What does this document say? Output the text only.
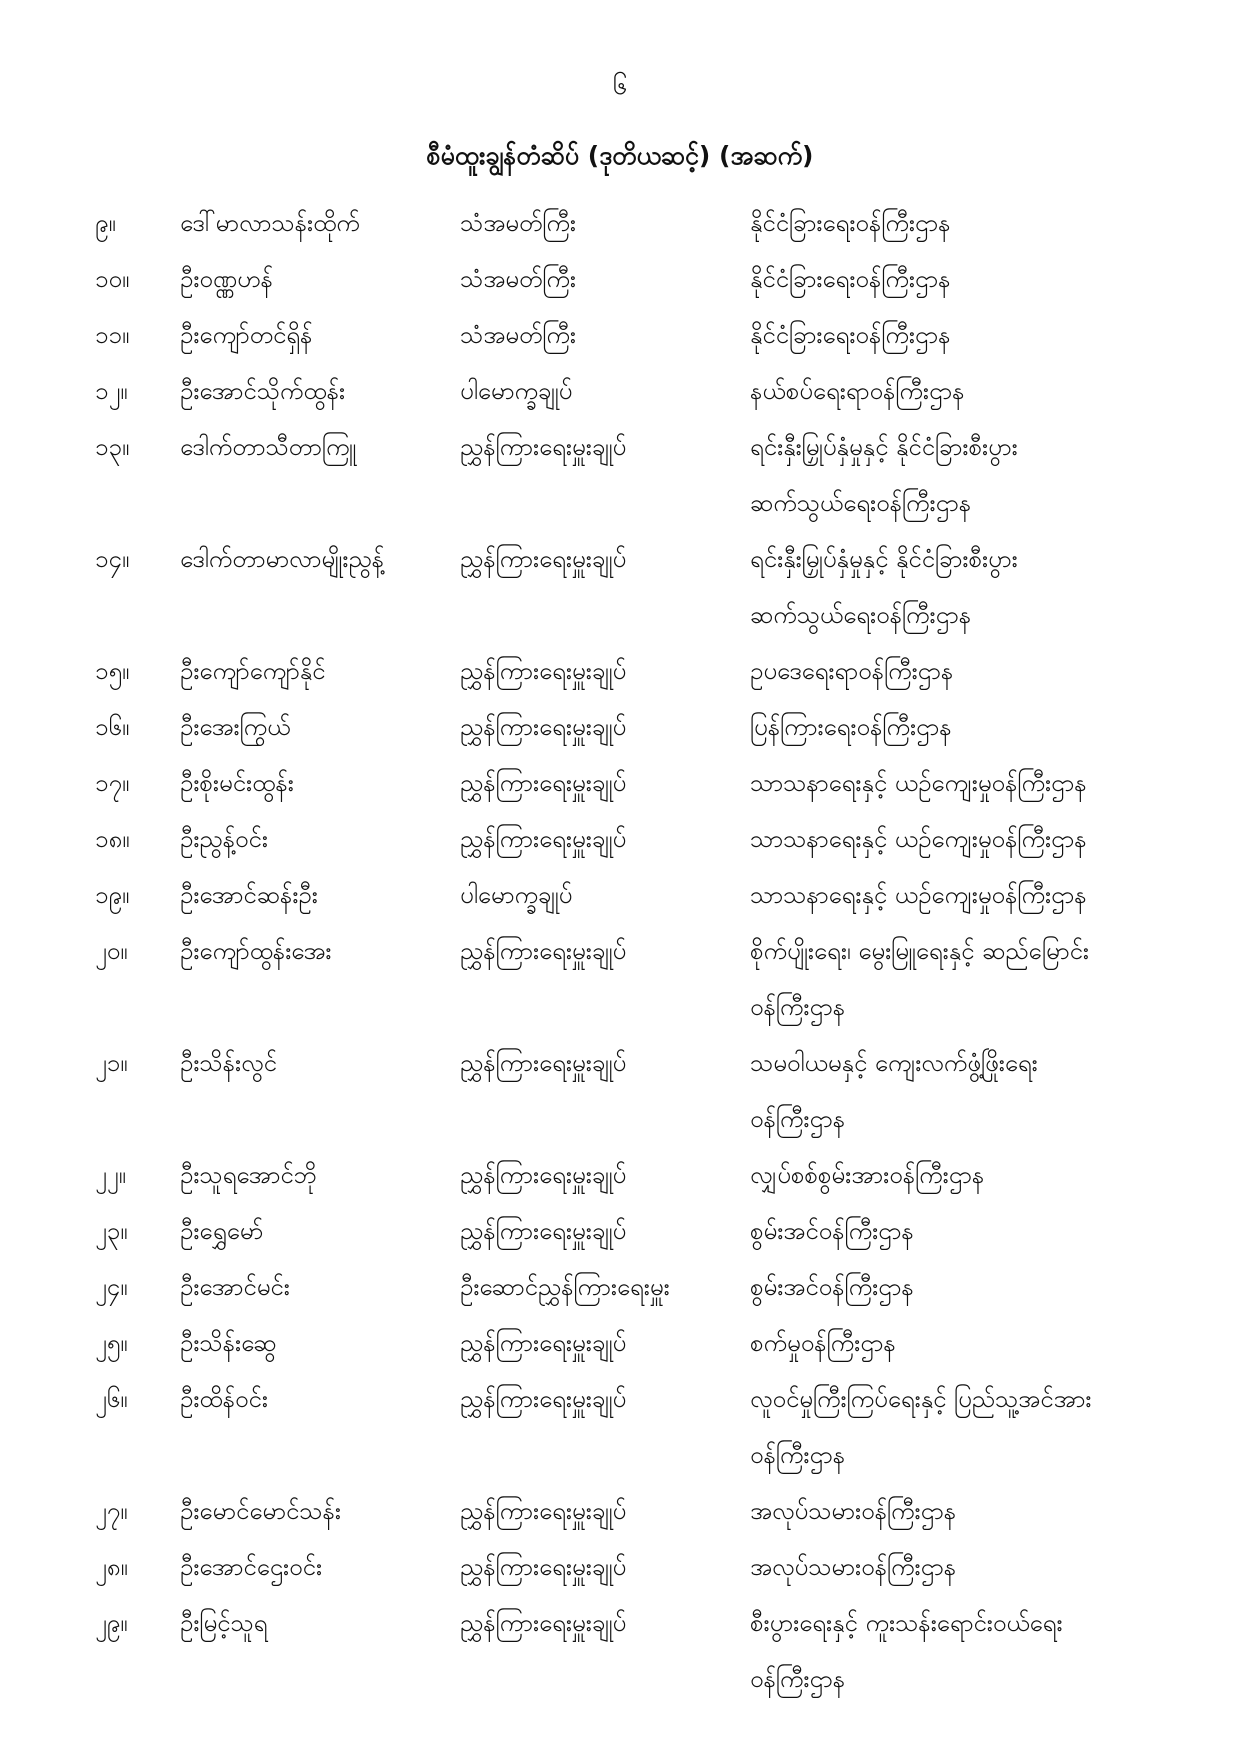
၆
စီမံထူးချွန်တံဆိပ် (ဒုတိယဆင့်) (အဆက်)
၉။	ဒေါ်မာလာသန်းထိုက်	သံအမတ်ကြီး	နိုင်ငံခြားရေးဝန်ကြီးဌာန
၁၀။ ဦးဝဏ္ဏဟန်	သံအမတ်ကြီး	နိုင်ငံခြားရေးဝန်ကြီးဌာန
၁၁။ ဦးကျော်တင်ရှိန်	သံအမတ်ကြီး	နိုင်ငံခြားရေးဝန်ကြီးဌာန
၁၂။ ဦးအောင်သိုက်ထွန်း	ပါမောက္ခချုပ်	နယ်စပ်ရေးရာဝန်ကြီးဌာန
၁၃။ ဒေါက်တာသီတာကြူ	ညွှန်ကြားရေးမှူးချုပ်	ရင်းနှီးမြှုပ်နှံမှုနှင့် နိုင်ငံခြားစီးပွား
ဆက်သွယ်ရေးဝန်ကြီးဌာန
၁၄။ ဒေါက်တာမာလာမျိုးညွန့်	ညွှန်ကြားရေးမှူးချုပ်	ရင်းနှီးမြှုပ်နှံမှုနှင့် နိုင်ငံခြားစီးပွား
ဆက်သွယ်ရေးဝန်ကြီးဌာန
၁၅။ ဦးကျော်ကျော်နိုင်	ညွှန်ကြားရေးမှူးချုပ်	ဥပဒေရေးရာဝန်ကြီးဌာန
၁၆။ ဦးအေးကြွယ်	ညွှန်ကြားရေးမှူးချုပ်	ပြန်ကြားရေးဝန်ကြီးဌာန
၁၇။ ဦးစိုးမင်းထွန်း	ညွှန်ကြားရေးမှူးချုပ်	သာသနာရေးနှင့် ယဉ်ကျေးမှုဝန်ကြီးဌာန
၁၈။ ဦးညွန့်ဝင်း	ညွှန်ကြားရေးမှူးချုပ်	သာသနာရေးနှင့် ယဉ်ကျေးမှုဝန်ကြီးဌာန
၁၉။ ဦးအောင်ဆန်းဦး	ပါမောက္ခချုပ်	သာသနာရေးနှင့် ယဉ်ကျေးမှုဝန်ကြီးဌာန
၂၀။ ဦးကျော်ထွန်းအေး	ညွှန်ကြားရေးမှူးချုပ်	စိုက်ပျိုးရေး၊ မွေးမြူရေးနှင့် ဆည်မြောင်း
ဝန်ကြီးဌာန
၂၁။ ဦးသိန်းလွင်	ညွှန်ကြားရေးမှူးချုပ်	သမဝါယမနှင့် ကျေးလက်ဖွံ့ဖြိုးရေး
ဝန်ကြီးဌာန
၂၂။ ဦးသူရအောင်ဘို	ညွှန်ကြားရေးမှူးချုပ်	လျှပ်စစ်စွမ်းအားဝန်ကြီးဌာန
၂၃။ ဦးရွှေမော်	ညွှန်ကြားရေးမှူးချုပ်	စွမ်းအင်ဝန်ကြီးဌာန
၂၄။ ဦးအောင်မင်း	ဦးဆောင်ညွှန်ကြားရေးမှူး	စွမ်းအင်ဝန်ကြီးဌာန
၂၅။ ဦးသိန်းဆွေ	ညွှန်ကြားရေးမှူးချုပ်	စက်မှုဝန်ကြီးဌာန
၂၆။ ဦးထိန်ဝင်း	ညွှန်ကြားရေးမှူးချုပ်	လူဝင်မှုကြီးကြပ်ရေးနှင့် ပြည်သူ့အင်အား
ဝန်ကြီးဌာန
၂၇။ ဦးမောင်မောင်သန်း	ညွှန်ကြားရေးမှူးချုပ်	အလုပ်သမားဝန်ကြီးဌာန
၂၈။ ဦးအောင်ဌေးဝင်း	ညွှန်ကြားရေးမှူးချုပ်	အလုပ်သမားဝန်ကြီးဌာန
၂၉။ ဦးမြင့်သူရ	ညွှန်ကြားရေးမှူးချုပ်	စီးပွားရေးနှင့် ကူးသန်းရောင်းဝယ်ရေး
ဝန်ကြီးဌာန
